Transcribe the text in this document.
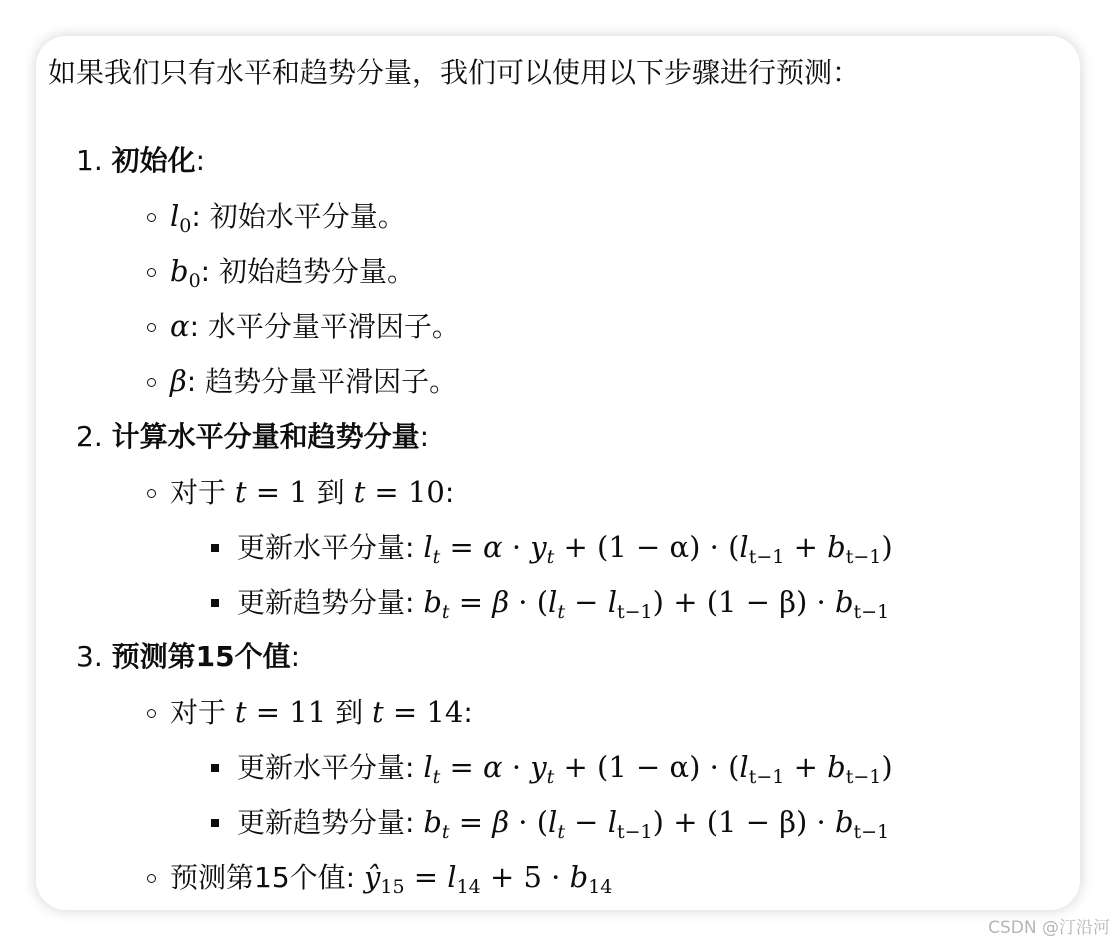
如果我们只有水平和趋势分量，我们可以使用以下步骤进行预测：
1. 初始化:
$l_0$: 初始水平分量。
$b_0$: 初始趋势分量。
α: 水平分量平滑因子。
β: 趋势分量平滑因子。
2. 计算水平分量和趋势分量:
对于 t = 1 到 t = 10:
更新水平分量: $l_t = \alpha \cdot y_t + (1 - \alpha) \cdot (l_{t-1} + b_{t-1})$
更新趋势分量: $b_t = \beta \cdot (l_t - l_{t-1}) + (1 - \beta) \cdot b_{t-1}$
3. 预测第15个值:
对于 t = 11 到 t = 14:
更新水平分量: $l_t = \alpha \cdot y_t + (1 - \alpha) \cdot (l_{t-1} + b_{t-1})$
更新趋势分量: $b_t = \beta \cdot (l_t - l_{t-1}) + (1 - \beta) \cdot b_{t-1}$
预测第15个值: $ŷ_{15} = l_{14} + 5 \cdot b_{14}$
CSDN @汀沿河
